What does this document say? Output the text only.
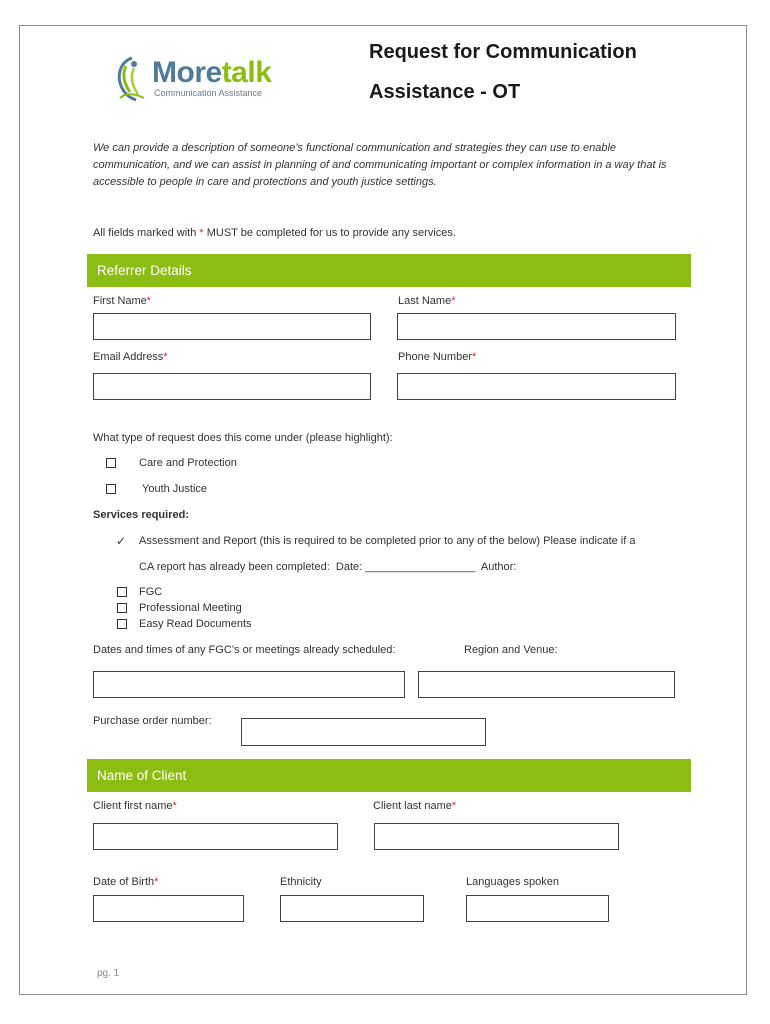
Moretalk
Communication Assistance
Request for Communication
Assistance - OT
We can provide a description of someone’s functional communication and strategies they can use to enable communication, and we can assist in planning of and communicating important or complex information in a way that is accessible to people in care and protections and youth justice settings.
All fields marked with * MUST be completed for us to provide any services.
Referrer Details
First Name*	Last Name*
Email Address*	Phone Number*
What type of request does this come under (please highlight):
Care and Protection
Youth Justice
Services required:
✓ Assessment and Report (this is required to be completed prior to any of the below) Please indicate if a
CA report has already been completed:  Date: __________________  Author:
FGC
Professional Meeting
Easy Read Documents
Dates and times of any FGC’s or meetings already scheduled:	Region and Venue:
Purchase order number:
Name of Client
Client first name*	Client last name*
Date of Birth*	Ethnicity	Languages spoken
pg. 1
